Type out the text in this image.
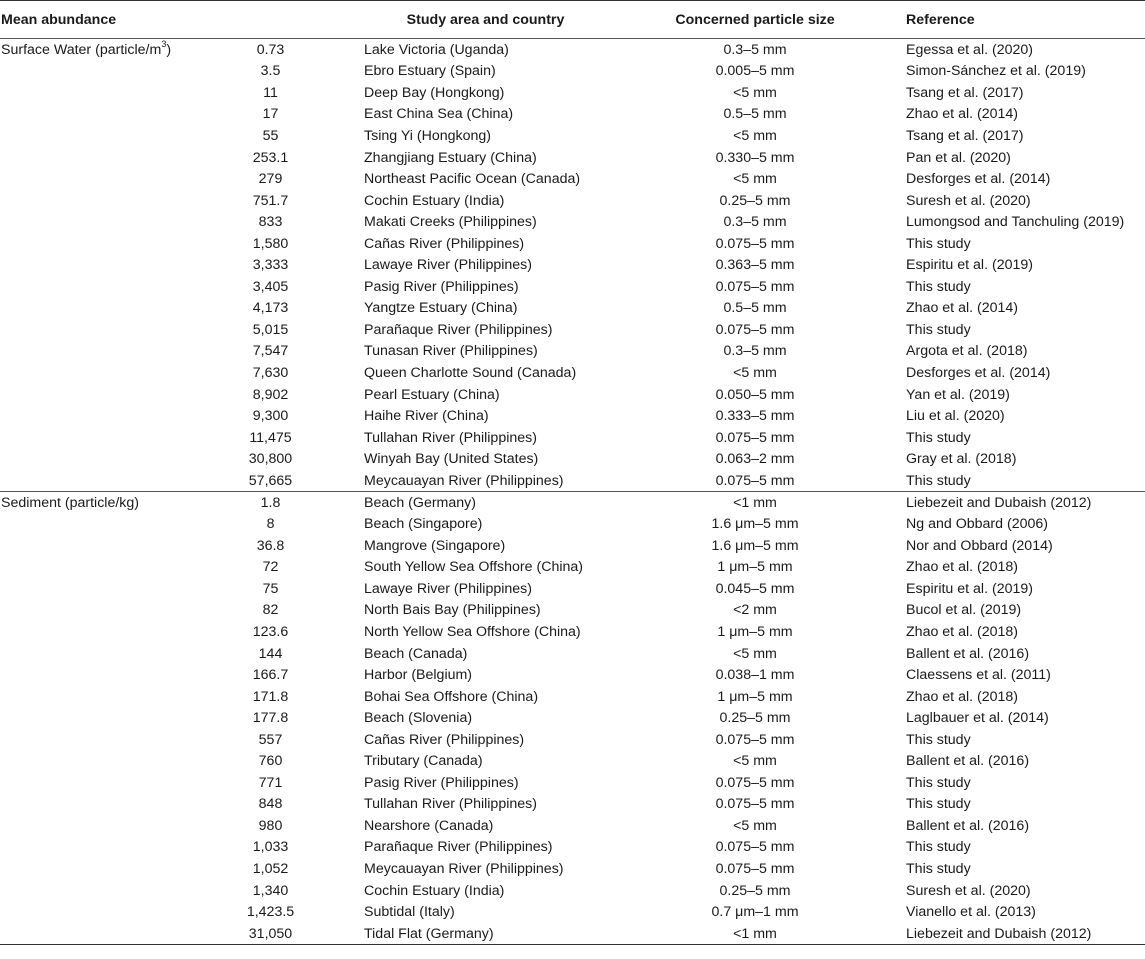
Mean abundance		Study area and country	Concerned particle size	Reference
Surface Water $(particle/m^3)$	0.73	Lake Victoria (Uganda)	0.3–5 mm	Egessa et al. (2020)
	3.5	Ebro Estuary (Spain)	0.005–5 mm	Simon-Sánchez et al. (2019)
	11	Deep Bay (Hongkong)	<5 mm	Tsang et al. (2017)
	17	East China Sea (China)	0.5–5 mm	Zhao et al. (2014)
	55	Tsing Yi (Hongkong)	<5 mm	Tsang et al. (2017)
	253.1	Zhangjiang Estuary (China)	0.330–5 mm	Pan et al. (2020)
	279	Northeast Pacific Ocean (Canada)	<5 mm	Desforges et al. (2014)
	751.7	Cochin Estuary (India)	0.25–5 mm	Suresh et al. (2020)
	833	Makati Creeks (Philippines)	0.3–5 mm	Lumongsod and Tanchuling (2019)
	1,580	Cañas River (Philippines)	0.075–5 mm	This study
	3,333	Lawaye River (Philippines)	0.363–5 mm	Espiritu et al. (2019)
	3,405	Pasig River (Philippines)	0.075–5 mm	This study
	4,173	Yangtze Estuary (China)	0.5–5 mm	Zhao et al. (2014)
	5,015	Parañaque River (Philippines)	0.075–5 mm	This study
	7,547	Tunasan River (Philippines)	0.3–5 mm	Argota et al. (2018)
	7,630	Queen Charlotte Sound (Canada)	<5 mm	Desforges et al. (2014)
	8,902	Pearl Estuary (China)	0.050–5 mm	Yan et al. (2019)
	9,300	Haihe River (China)	0.333–5 mm	Liu et al. (2020)
	11,475	Tullahan River (Philippines)	0.075–5 mm	This study
	30,800	Winyah Bay (United States)	0.063–2 mm	Gray et al. (2018)
	57,665	Meycauayan River (Philippines)	0.075–5 mm	This study
Sediment (particle/kg)	1.8	Beach (Germany)	<1 mm	Liebezeit and Dubaish (2012)
	8	Beach (Singapore)	1.6 μm–5 mm	Ng and Obbard (2006)
	36.8	Mangrove (Singapore)	1.6 μm–5 mm	Nor and Obbard (2014)
	72	South Yellow Sea Offshore (China)	1 μm–5 mm	Zhao et al. (2018)
	75	Lawaye River (Philippines)	0.045–5 mm	Espiritu et al. (2019)
	82	North Bais Bay (Philippines)	<2 mm	Bucol et al. (2019)
	123.6	North Yellow Sea Offshore (China)	1 μm–5 mm	Zhao et al. (2018)
	144	Beach (Canada)	<5 mm	Ballent et al. (2016)
	166.7	Harbor (Belgium)	0.038–1 mm	Claessens et al. (2011)
	171.8	Bohai Sea Offshore (China)	1 μm–5 mm	Zhao et al. (2018)
	177.8	Beach (Slovenia)	0.25–5 mm	Laglbauer et al. (2014)
	557	Cañas River (Philippines)	0.075–5 mm	This study
	760	Tributary (Canada)	<5 mm	Ballent et al. (2016)
	771	Pasig River (Philippines)	0.075–5 mm	This study
	848	Tullahan River (Philippines)	0.075–5 mm	This study
	980	Nearshore (Canada)	<5 mm	Ballent et al. (2016)
	1,033	Parañaque River (Philippines)	0.075–5 mm	This study
	1,052	Meycauayan River (Philippines)	0.075–5 mm	This study
	1,340	Cochin Estuary (India)	0.25–5 mm	Suresh et al. (2020)
	1,423.5	Subtidal (Italy)	0.7 μm–1 mm	Vianello et al. (2013)
	31,050	Tidal Flat (Germany)	<1 mm	Liebezeit and Dubaish (2012)
